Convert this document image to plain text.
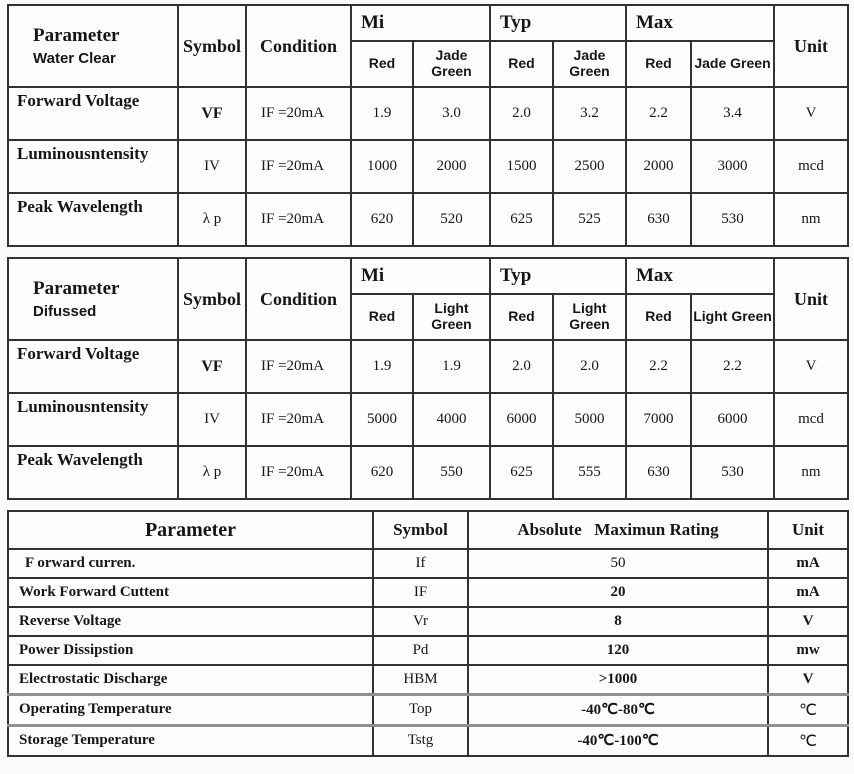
Parameter
Water Clear	Symbol	Condition	Mi		Typ		Max		Unit
			Red	Jade Green	Red	Jade Green	Red	Jade Green	
Forward Voltage	VF	IF =20mA	1.9	3.0	2.0	3.2	2.2	3.4	V
Luminousntensity	IV	IF =20mA	1000	2000	1500	2500	2000	3000	mcd
Peak Wavelength	λ p	IF =20mA	620	520	625	525	630	530	nm
Parameter
Difussed	Symbol	Condition	Mi		Typ		Max		Unit
			Red	Light Green	Red	Light Green	Red	Light Green	
Forward Voltage	VF	IF =20mA	1.9	1.9	2.0	2.0	2.2	2.2	V
Luminousntensity	IV	IF =20mA	5000	4000	6000	5000	7000	6000	mcd
Peak Wavelength	λ p	IF =20mA	620	550	625	555	630	530	nm
Parameter	Symbol	Absolute   Maximun Rating	Unit
F orward curren.	If	50	mA
Work Forward Cuttent	IF	20	mA
Reverse Voltage	Vr	8	V
Power Dissipstion	Pd	120	mw
Electrostatic Discharge	HBM	>1000	V
Operating Temperature	Top	-40℃-80℃	℃
Storage Temperature	Tstg	-40℃-100℃	℃
